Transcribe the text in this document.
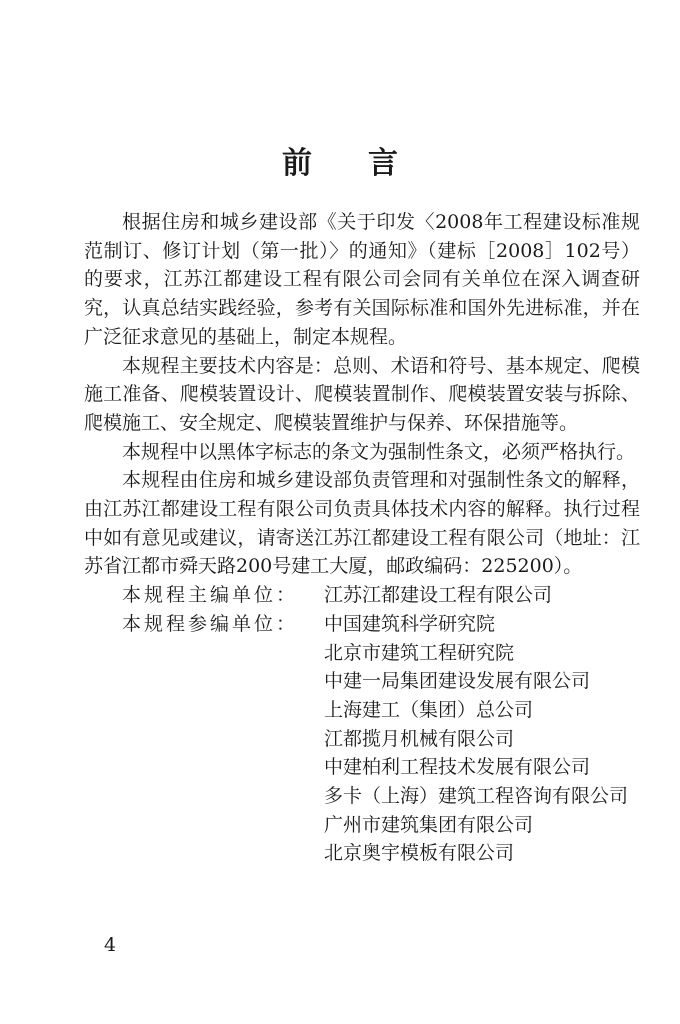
前 言

根据住房和城乡建设部《关于印发〈2008年工程建设标准规范制订、修订计划（第一批）〉的通知》（建标［2008］102号）的要求，江苏江都建设工程有限公司会同有关单位在深入调查研究，认真总结实践经验，参考有关国际标准和国外先进标准，并在广泛征求意见的基础上，制定本规程。

本规程主要技术内容是：总则、术语和符号、基本规定、爬模施工准备、爬模装置设计、爬模装置制作、爬模装置安装与拆除、爬模施工、安全规定、爬模装置维护与保养、环保措施等。

本规程中以黑体字标志的条文为强制性条文，必须严格执行。

本规程由住房和城乡建设部负责管理和对强制性条文的解释，由江苏江都建设工程有限公司负责具体技术内容的解释。执行过程中如有意见或建议，请寄送江苏江都建设工程有限公司（地址：江苏省江都市舜天路200号建工大厦，邮政编码：225200）。

本规程主编单位：	江苏江都建设工程有限公司
本规程参编单位：	中国建筑科学研究院
北京市建筑工程研究院
中建一局集团建设发展有限公司
上海建工（集团）总公司
江都揽月机械有限公司
中建柏利工程技术发展有限公司
多卡（上海）建筑工程咨询有限公司
广州市建筑集团有限公司
北京奥宇模板有限公司
4
